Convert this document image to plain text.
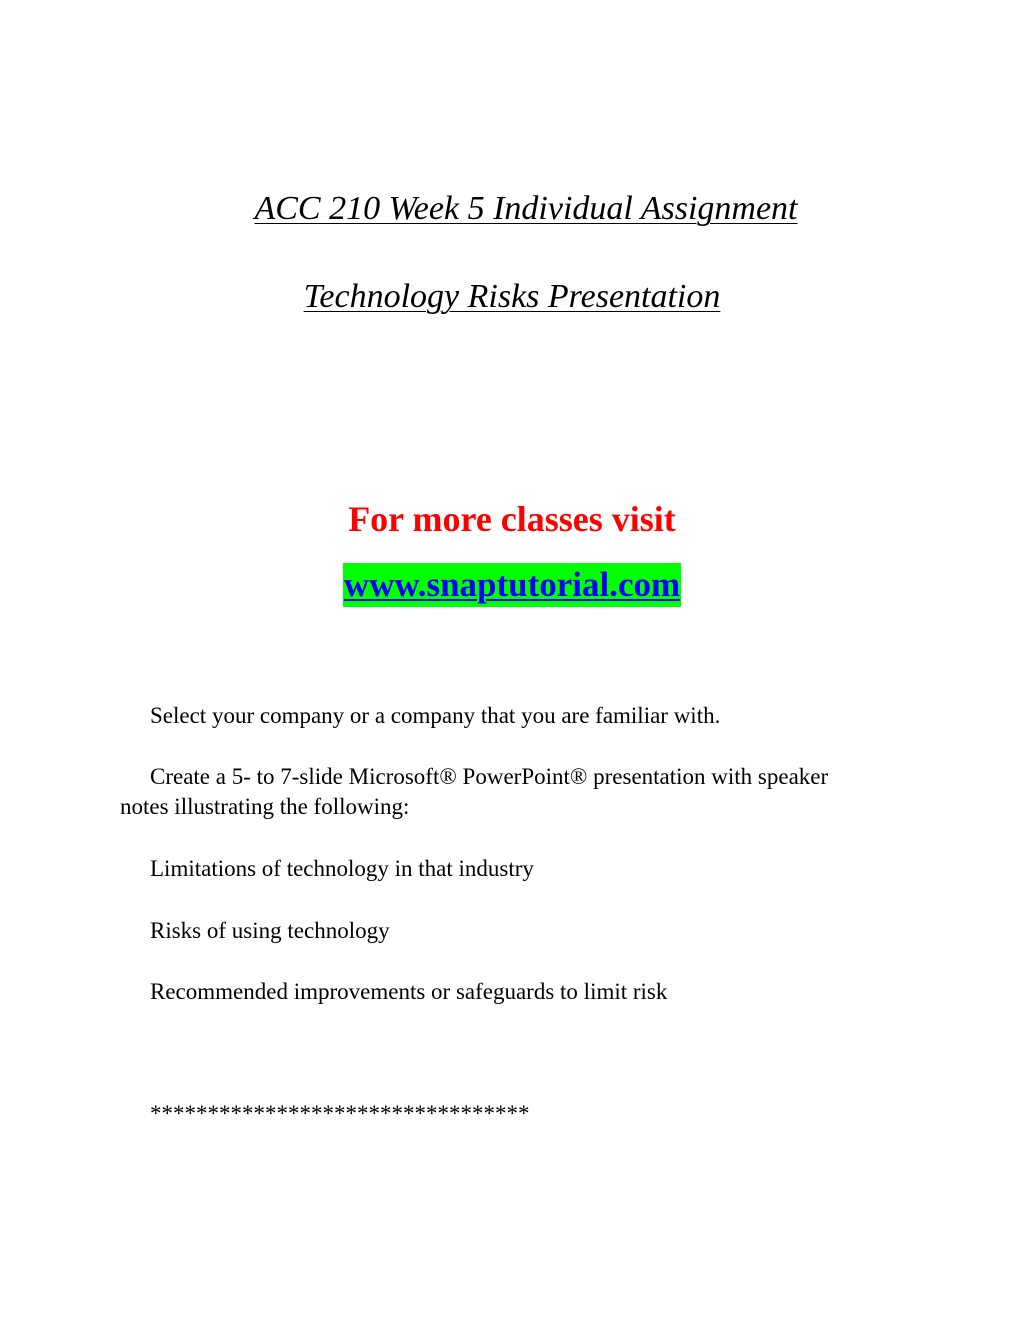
ACC 210 Week 5 Individual Assignment
Technology Risks Presentation
For more classes visit
www.snaptutorial.com

Select your company or a company that you are familiar with.

Create a 5- to 7-slide Microsoft® PowerPoint® presentation with speaker notes illustrating the following:

Limitations of technology in that industry

Risks of using technology

Recommended improvements or safeguards to limit risk

*********************************
